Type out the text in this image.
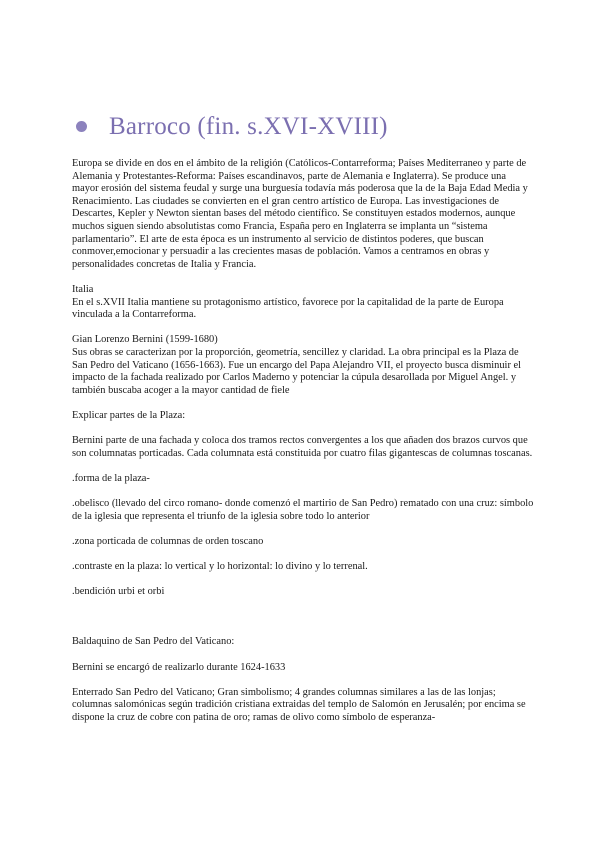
Barroco (fin. s.XVI-XVIII)

Europa se divide en dos en el ámbito de la religión (Católicos-Contarreforma; Países Mediterraneo y parte de Alemania y Protestantes-Reforma: Países escandinavos, parte de Alemania e Inglaterra). Se produce una mayor erosión del sistema feudal y surge una burguesía todavía más poderosa que la de la Baja Edad Media y Renacimiento. Las ciudades se convierten en el gran centro artístico de Europa. Las investigaciones de Descartes, Kepler y Newton sientan bases del método científico. Se constituyen estados modernos, aunque muchos siguen siendo absolutistas como Francia, España pero en Inglaterra se implanta un “sistema parlamentario”. El arte de esta época es un instrumento al servicio de distintos poderes, que buscan conmover,emocionar y persuadir a las crecientes masas de población. Vamos a centramos en obras y personalidades concretas de Italia y Francia.

Italia

En el s.XVII Italia mantiene su protagonismo artístico, favorece por la capitalidad de la parte de Europa vinculada a la Contarreforma.

Gian Lorenzo Bernini (1599-1680)

Sus obras se caracterizan por la proporción, geometría, sencillez y claridad. La obra principal es la Plaza de San Pedro del Vaticano (1656-1663). Fue un encargo del Papa Alejandro VII, el proyecto busca disminuir el impacto de la fachada realizado por Carlos Maderno y potenciar la cúpula desarollada por Miguel Angel. y también buscaba acoger a la mayor cantidad de fiele

Explicar partes de la Plaza:

Bernini parte de una fachada y coloca dos tramos rectos convergentes a los que añaden dos brazos curvos que son columnatas porticadas. Cada columnata está constituida por cuatro filas gigantescas de columnas toscanas.

.forma de la plaza-

.obelisco (llevado del circo romano- donde comenzó el martirio de San Pedro) rematado con una cruz: símbolo de la iglesia que representa el triunfo de la iglesia sobre todo lo anterior

.zona porticada de columnas de orden toscano

.contraste en la plaza: lo vertical y lo horizontal: lo divino y lo terrenal.

.bendición urbi et orbi

Baldaquino de San Pedro del Vaticano:

Bernini se encargó de realizarlo durante 1624-1633

Enterrado San Pedro del Vaticano; Gran simbolismo; 4 grandes columnas similares a las de las lonjas; columnas salomónicas según tradición cristiana extraidas del templo de Salomón en Jerusalén; por encima se dispone la cruz de cobre con patina de oro; ramas de olivo como símbolo de esperanza-
